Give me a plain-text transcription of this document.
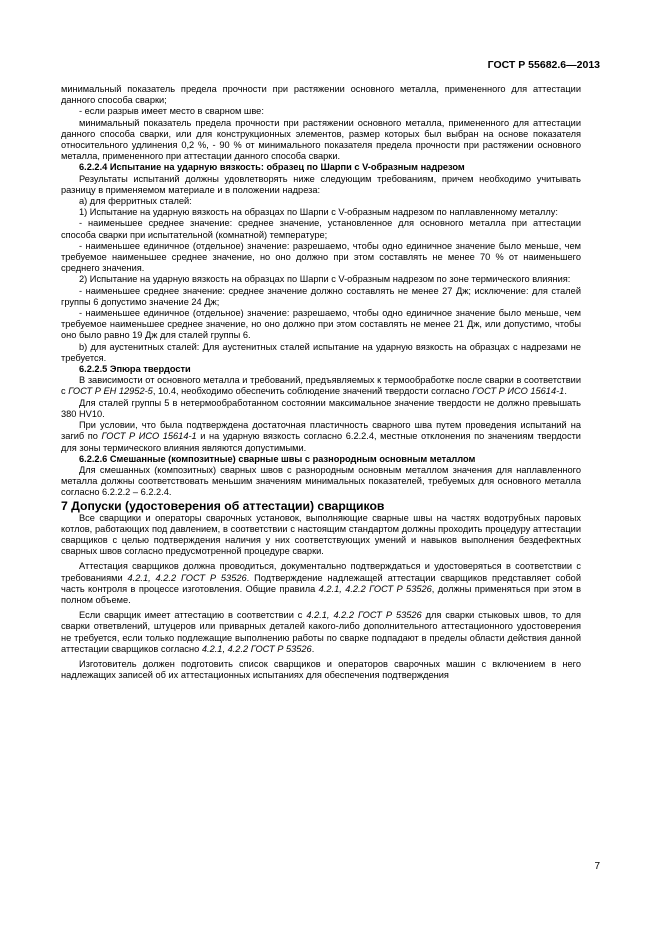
ГОСТ Р 55682.6—2013

минимальный показатель предела прочности при растяжении основного металла, примененного для аттестации данного способа сварки;

- если разрыв имеет место в сварном шве:

минимальный показатель предела прочности при растяжении основного металла, примененного для аттестации данного способа сварки, или для конструкционных элементов, размер которых был выбран на основе показателя относительного удлинения 0,2 %, - 90 % от минимального показателя предела прочности при растяжении основного металла, примененного при аттестации данного способа сварки.

6.2.2.4 Испытание на ударную вязкость: образец по Шарпи с V-образным надрезом

Результаты испытаний должны удовлетворять ниже следующим требованиям, причем необходимо учитывать разницу в применяемом материале и в положении надреза:

а) для ферритных сталей:

1) Испытание на ударную вязкость на образцах по Шарпи с V-образным надрезом по наплавленному металлу:

- наименьшее среднее значение: среднее значение, установленное для основного металла при аттестации способа сварки при испытательной (комнатной) температуре;

- наименьшее единичное (отдельное) значение: разрешаемо, чтобы одно единичное значение было меньше, чем требуемое наименьшее среднее значение, но оно должно при этом составлять не менее 70 % от наименьшего среднего значения.

2) Испытание на ударную вязкость на образцах по Шарпи с V-образным надрезом по зоне термического влияния:

- наименьшее среднее значение: среднее значение должно составлять не менее 27 Дж; исключение: для сталей группы 6 допустимо значение 24 Дж;

- наименьшее единичное (отдельное) значение: разрешаемо, чтобы одно единичное значение было меньше, чем требуемое наименьшее среднее значение, но оно должно при этом составлять не менее 21 Дж, или допустимо, чтобы оно было равно 19 Дж для сталей группы 6.

b) для аустенитных сталей: Для аустенитных сталей испытание на ударную вязкость на образцах с надрезами не требуется.

6.2.2.5 Эпюра твердости

В зависимости от основного металла и требований, предъявляемых к термообработке после сварки в соответствии с ГОСТ Р ЕН 12952-5, 10.4, необходимо обеспечить соблюдение значений твердости согласно ГОСТ Р ИСО 15614-1.

Для сталей группы 5 в нетермообработанном состоянии максимальное значение твердости не должно превышать 380 HV10.

При условии, что была подтверждена достаточная пластичность сварного шва путем проведения испытаний на загиб по ГОСТ Р ИСО 15614-1 и на ударную вязкость согласно 6.2.2.4, местные отклонения по значениям твердости для зоны термического влияния являются допустимыми.

6.2.2.6 Смешанные (композитные) сварные швы с разнородным основным металлом

Для смешанных (композитных) сварных швов с разнородным основным металлом значения для наплавленного металла должны соответствовать меньшим значениям минимальных показателей, требуемых для основного металла согласно 6.2.2.2 – 6.2.2.4.

7 Допуски (удостоверения об аттестации) сварщиков

Все сварщики и операторы сварочных установок, выполняющие сварные швы на частях водотрубных паровых котлов, работающих под давлением, в соответствии с настоящим стандартом должны проходить процедуру аттестации сварщиков с целью подтверждения наличия у них соответствующих умений и навыков выполнения бездефектных сварных швов согласно предусмотренной процедуре сварки.

Аттестация сварщиков должна проводиться, документально подтверждаться и удостоверяться в соответствии с требованиями 4.2.1, 4.2.2 ГОСТ Р 53526. Подтверждение надлежащей аттестации сварщиков представляет собой часть контроля в процессе изготовления. Общие правила 4.2.1, 4.2.2 ГОСТ Р 53526, должны применяться при этом в полном объеме.

Если сварщик имеет аттестацию в соответствии с 4.2.1, 4.2.2 ГОСТ Р 53526 для сварки стыковых швов, то для сварки ответвлений, штуцеров или приварных деталей какого-либо дополнительного аттестационного удостоверения не требуется, если только подлежащие выполнению работы по сварке подпадают в пределы области действия данной аттестации сварщиков согласно 4.2.1, 4.2.2 ГОСТ Р 53526.

Изготовитель должен подготовить список сварщиков и операторов сварочных машин с включением в него надлежащих записей об их аттестационных испытаниях для обеспечения подтверждения

7
